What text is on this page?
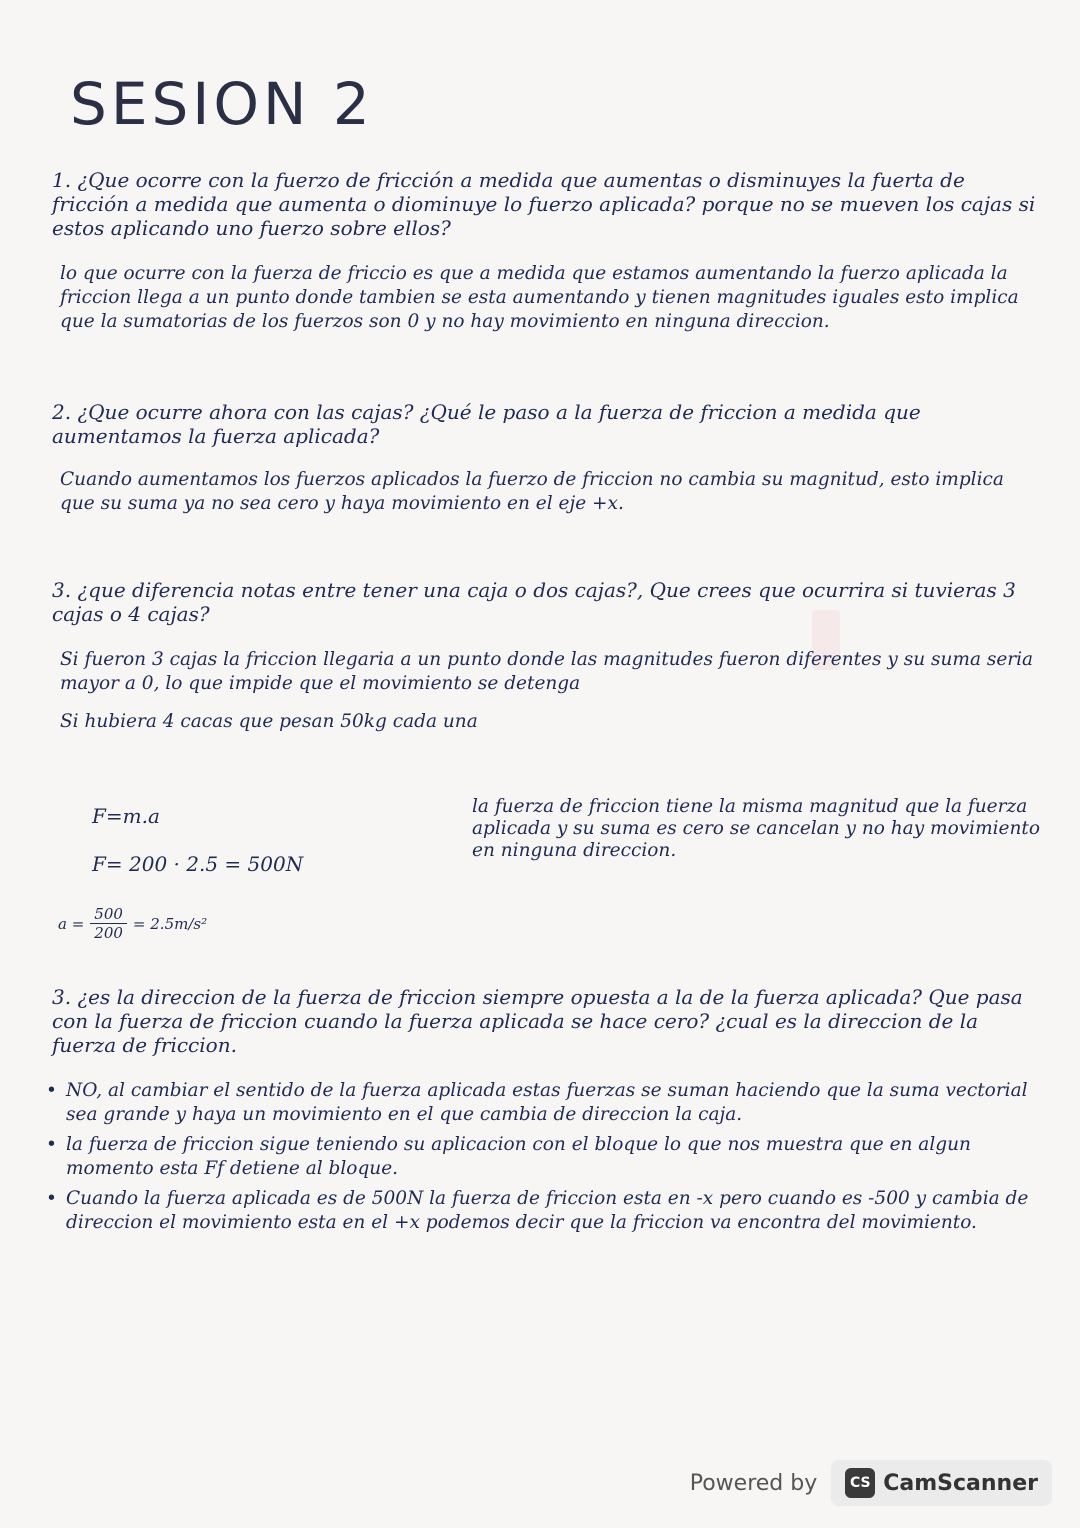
SESION 2
1. ¿Que ocorre con la fuerzo de fricción a medida que aumentas o disminuyes la fuerta de fricción a medida que aumenta o diominuye lo fuerzo aplicada? porque no se mueven los cajas si estos aplicando uno fuerzo sobre ellos?
lo que ocurre con la fuerza de friccio es que a medida que estamos aumentando la fuerzo aplicada la friccion llega a un punto donde tambien se esta aumentando y tienen magnitudes iguales esto implica que la sumatorias de los fuerzos son 0 y no hay movimiento en ninguna direccion.
2. ¿Que ocurre ahora con las cajas? ¿Qué le paso a la fuerza de friccion a medida que aumentamos la fuerza aplicada?
Cuando aumentamos los fuerzos aplicados la fuerzo de friccion no cambia su magnitud, esto implica que su suma ya no sea cero y haya movimiento en el eje +x.
3. ¿que diferencia notas entre tener una caja o dos cajas?, Que crees que ocurrira si tuvieras 3 cajas o 4 cajas?
Si fueron 3 cajas la friccion llegaria a un punto donde las magnitudes fueron diferentes y su suma seria mayor a 0, lo que impide que el movimiento se detenga
Si hubiera 4 cacas que pesan 50kg cada una
F=m.a
F= 200 · 2.5 = 500N
$a = \frac{500}{200} = 2.5m/s^2$
la fuerza de friccion tiene la misma magnitud que la fuerza aplicada y su suma es cero se cancelan y no hay movimiento en ninguna direccion.
3. ¿es la direccion de la fuerza de friccion siempre opuesta a la de la fuerza aplicada? Que pasa con la fuerza de friccion cuando la fuerza aplicada se hace cero? ¿cual es la direccion de la fuerza de friccion.
• NO, al cambiar el sentido de la fuerza aplicada estas fuerzas se suman haciendo que la suma vectorial sea grande y haya un movimiento en el que cambia de direccion la caja.
• la fuerza de friccion sigue teniendo su aplicacion con el bloque lo que nos muestra que en algun momento esta Ff detiene al bloque.
• Cuando la fuerza aplicada es de 500N la fuerza de friccion esta en -x pero cuando es -500 y cambia de direccion el movimiento esta en el +x podemos decir que la friccion va encontra del movimiento.
Powered by	CS CamScanner
